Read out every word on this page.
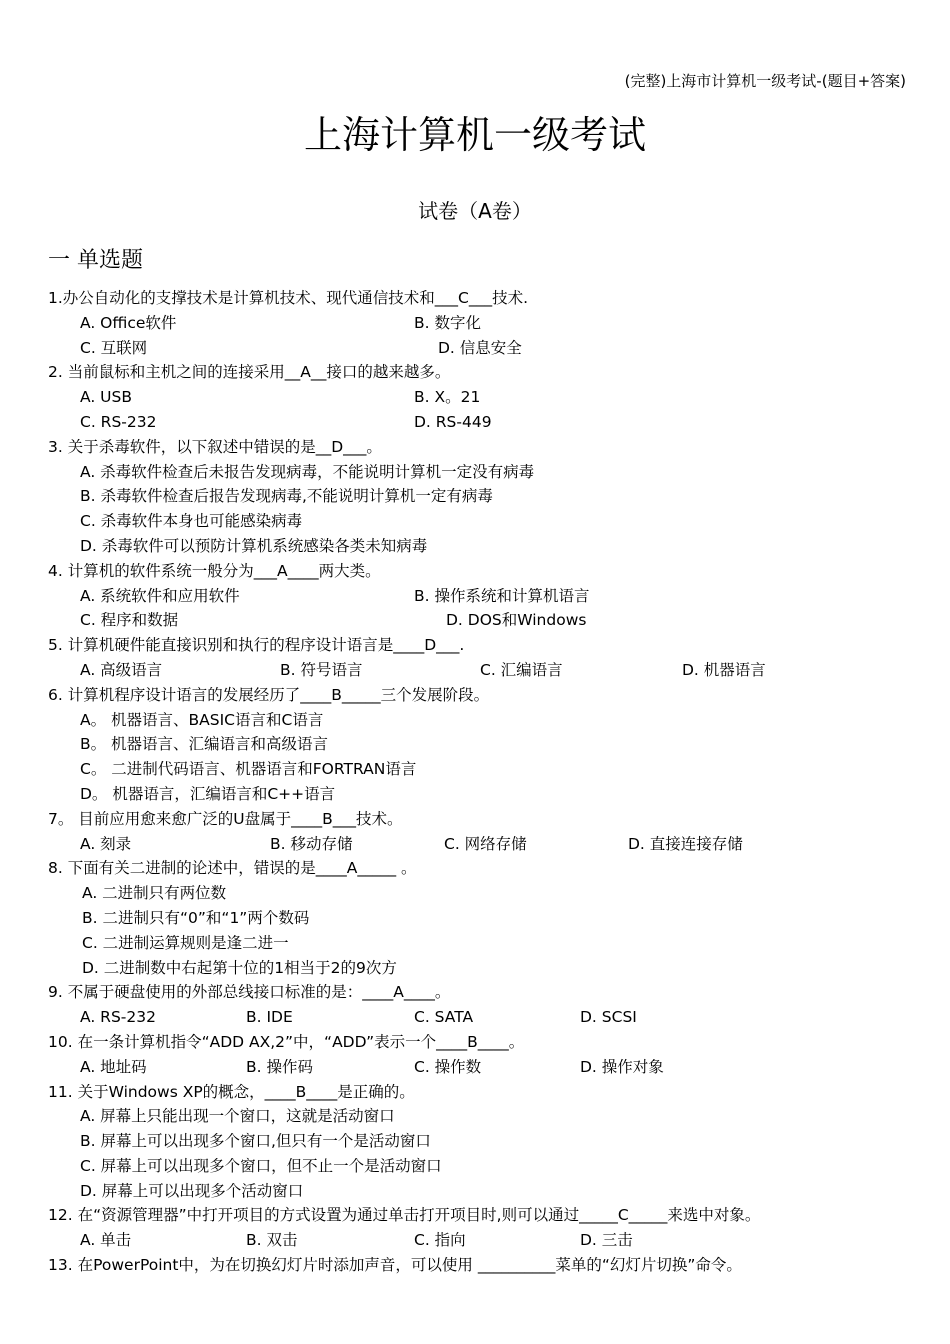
(完整)上海市计算机一级考试-(题目+答案)
上海计算机一级考试
试卷（A卷）
一 单选题
1.办公自动化的支撑技术是计算机技术、现代通信技术和___C___技术.
A. Office软件	B. 数字化
C. 互联网	D. 信息安全
2. 当前鼠标和主机之间的连接采用__A__接口的越来越多。
A. USB	B. X。21
C. RS-232	D. RS-449
3. 关于杀毒软件，以下叙述中错误的是__D___。
A. 杀毒软件检查后未报告发现病毒，不能说明计算机一定没有病毒
B. 杀毒软件检查后报告发现病毒,不能说明计算机一定有病毒
C. 杀毒软件本身也可能感染病毒
D. 杀毒软件可以预防计算机系统感染各类未知病毒
4. 计算机的软件系统一般分为___A____两大类。
A. 系统软件和应用软件	B. 操作系统和计算机语言
C. 程序和数据	D. DOS和Windows
5. 计算机硬件能直接识别和执行的程序设计语言是____D___.
A. 高级语言	B. 符号语言	C. 汇编语言	D. 机器语言
6. 计算机程序设计语言的发展经历了____B_____三个发展阶段。
A。 机器语言、BASIC语言和C语言
B。 机器语言、汇编语言和高级语言
C。 二进制代码语言、机器语言和FORTRAN语言
D。 机器语言，汇编语言和C++语言
7。 目前应用愈来愈广泛的U盘属于____B___技术。
A. 刻录	B. 移动存储	C. 网络存储	D. 直接连接存储
8. 下面有关二进制的论述中，错误的是____A_____ 。
A. 二进制只有两位数
B. 二进制只有“0”和“1”两个数码
C. 二进制运算规则是逢二进一
D. 二进制数中右起第十位的1相当于2的9次方
9. 不属于硬盘使用的外部总线接口标准的是：____A____。
A. RS-232	B. IDE	C. SATA	D. SCSI
10. 在一条计算机指令“ADD AX,2”中，“ADD”表示一个____B____。
A. 地址码	B. 操作码	C. 操作数	D. 操作对象
11. 关于Windows XP的概念，____B____是正确的。
A. 屏幕上只能出现一个窗口，这就是活动窗口
B. 屏幕上可以出现多个窗口,但只有一个是活动窗口
C. 屏幕上可以出现多个窗口，但不止一个是活动窗口
D. 屏幕上可以出现多个活动窗口
12. 在“资源管理器”中打开项目的方式设置为通过单击打开项目时,则可以通过_____C_____来选中对象。
A. 单击	B. 双击	C. 指向	D. 三击
13. 在PowerPoint中，为在切换幻灯片时添加声音，可以使用 __________菜单的“幻灯片切换”命令。
